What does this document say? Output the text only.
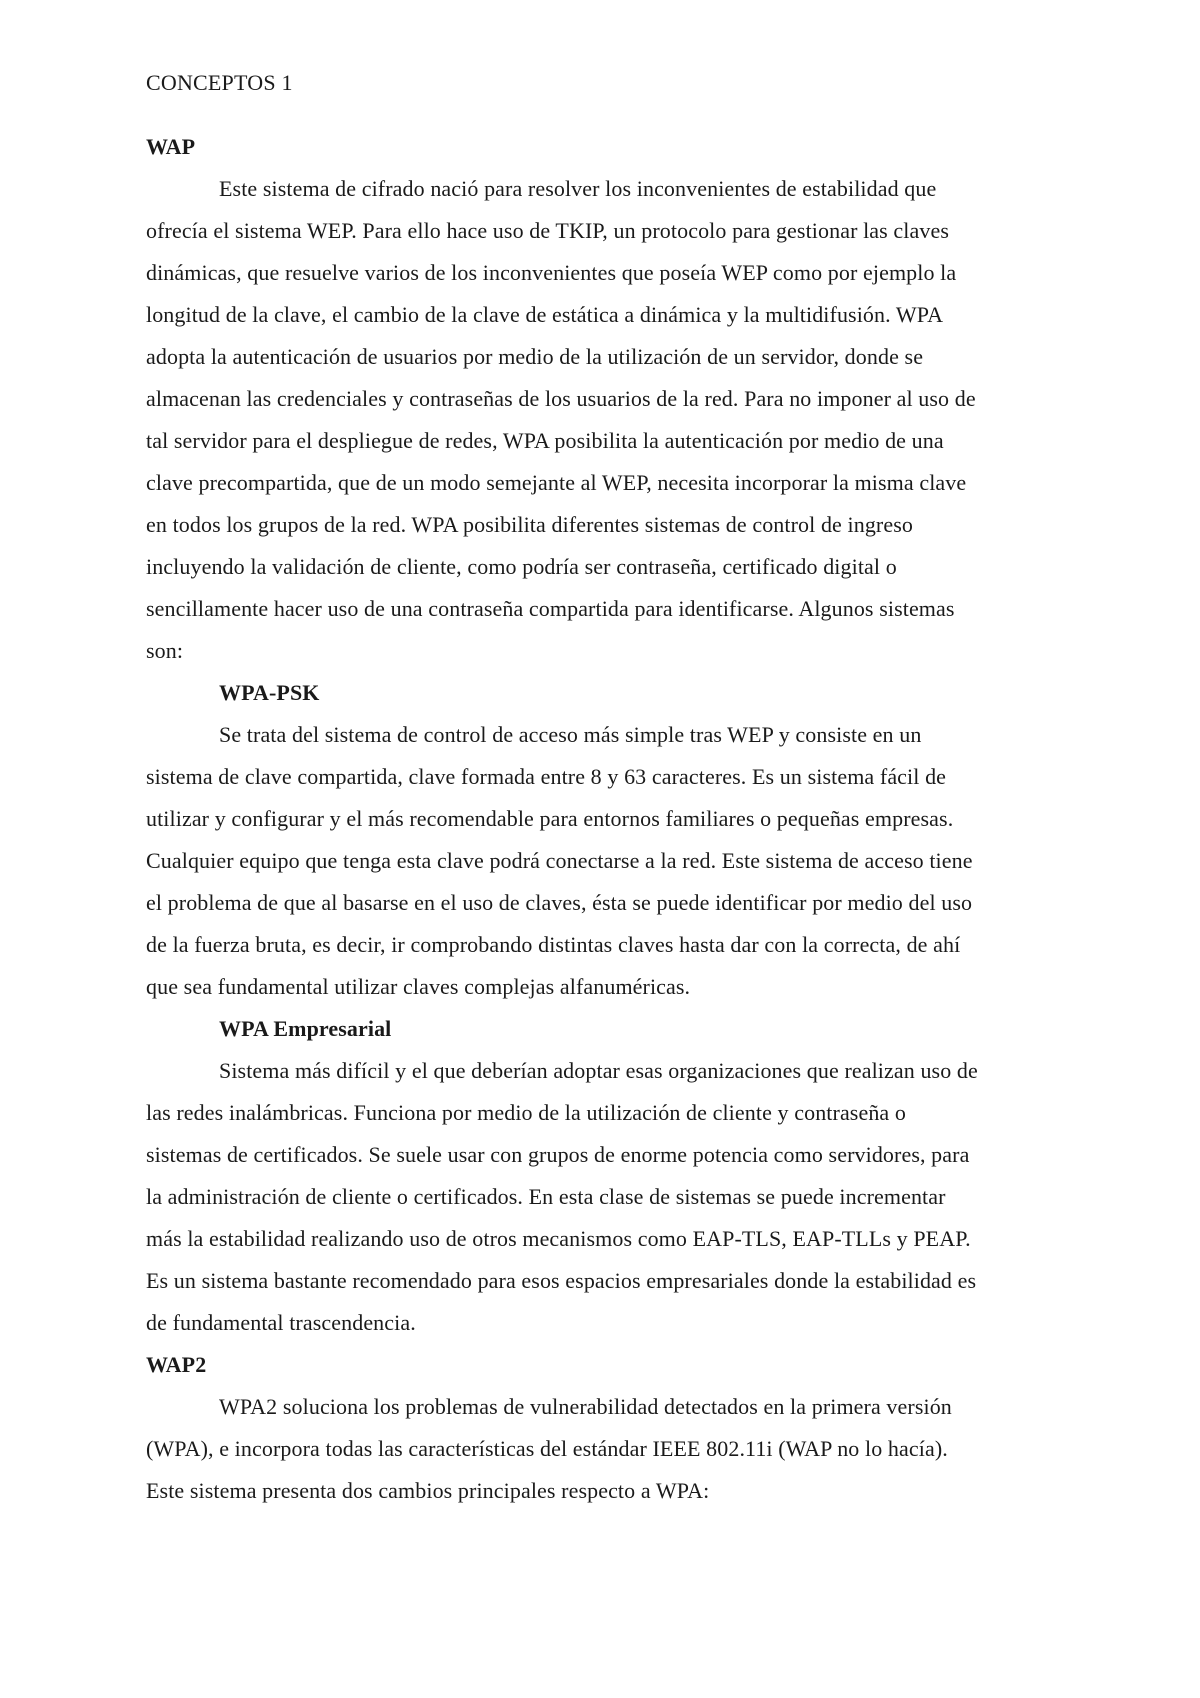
CONCEPTOS 1
WAP
Este sistema de cifrado nació para resolver los inconvenientes de estabilidad que
ofrecía el sistema WEP. Para ello hace uso de TKIP, un protocolo para gestionar las claves
dinámicas, que resuelve varios de los inconvenientes que poseía WEP como por ejemplo la
longitud de la clave, el cambio de la clave de estática a dinámica y la multidifusión. WPA
adopta la autenticación de usuarios por medio de la utilización de un servidor, donde se
almacenan las credenciales y contraseñas de los usuarios de la red. Para no imponer al uso de
tal servidor para el despliegue de redes, WPA posibilita la autenticación por medio de una
clave precompartida, que de un modo semejante al WEP, necesita incorporar la misma clave
en todos los grupos de la red. WPA posibilita diferentes sistemas de control de ingreso
incluyendo la validación de cliente, como podría ser contraseña, certificado digital o
sencillamente hacer uso de una contraseña compartida para identificarse. Algunos sistemas
son:
WPA-PSK
Se trata del sistema de control de acceso más simple tras WEP y consiste en un
sistema de clave compartida, clave formada entre 8 y 63 caracteres. Es un sistema fácil de
utilizar y configurar y el más recomendable para entornos familiares o pequeñas empresas.
Cualquier equipo que tenga esta clave podrá conectarse a la red. Este sistema de acceso tiene
el problema de que al basarse en el uso de claves, ésta se puede identificar por medio del uso
de la fuerza bruta, es decir, ir comprobando distintas claves hasta dar con la correcta, de ahí
que sea fundamental utilizar claves complejas alfanuméricas.
WPA Empresarial
Sistema más difícil y el que deberían adoptar esas organizaciones que realizan uso de
las redes inalámbricas. Funciona por medio de la utilización de cliente y contraseña o
sistemas de certificados. Se suele usar con grupos de enorme potencia como servidores, para
la administración de cliente o certificados. En esta clase de sistemas se puede incrementar
más la estabilidad realizando uso de otros mecanismos como EAP-TLS, EAP-TLLs y PEAP.
Es un sistema bastante recomendado para esos espacios empresariales donde la estabilidad es
de fundamental trascendencia.
WAP2
WPA2 soluciona los problemas de vulnerabilidad detectados en la primera versión
(WPA), e incorpora todas las características del estándar IEEE 802.11i (WAP no lo hacía).
Este sistema presenta dos cambios principales respecto a WPA:
